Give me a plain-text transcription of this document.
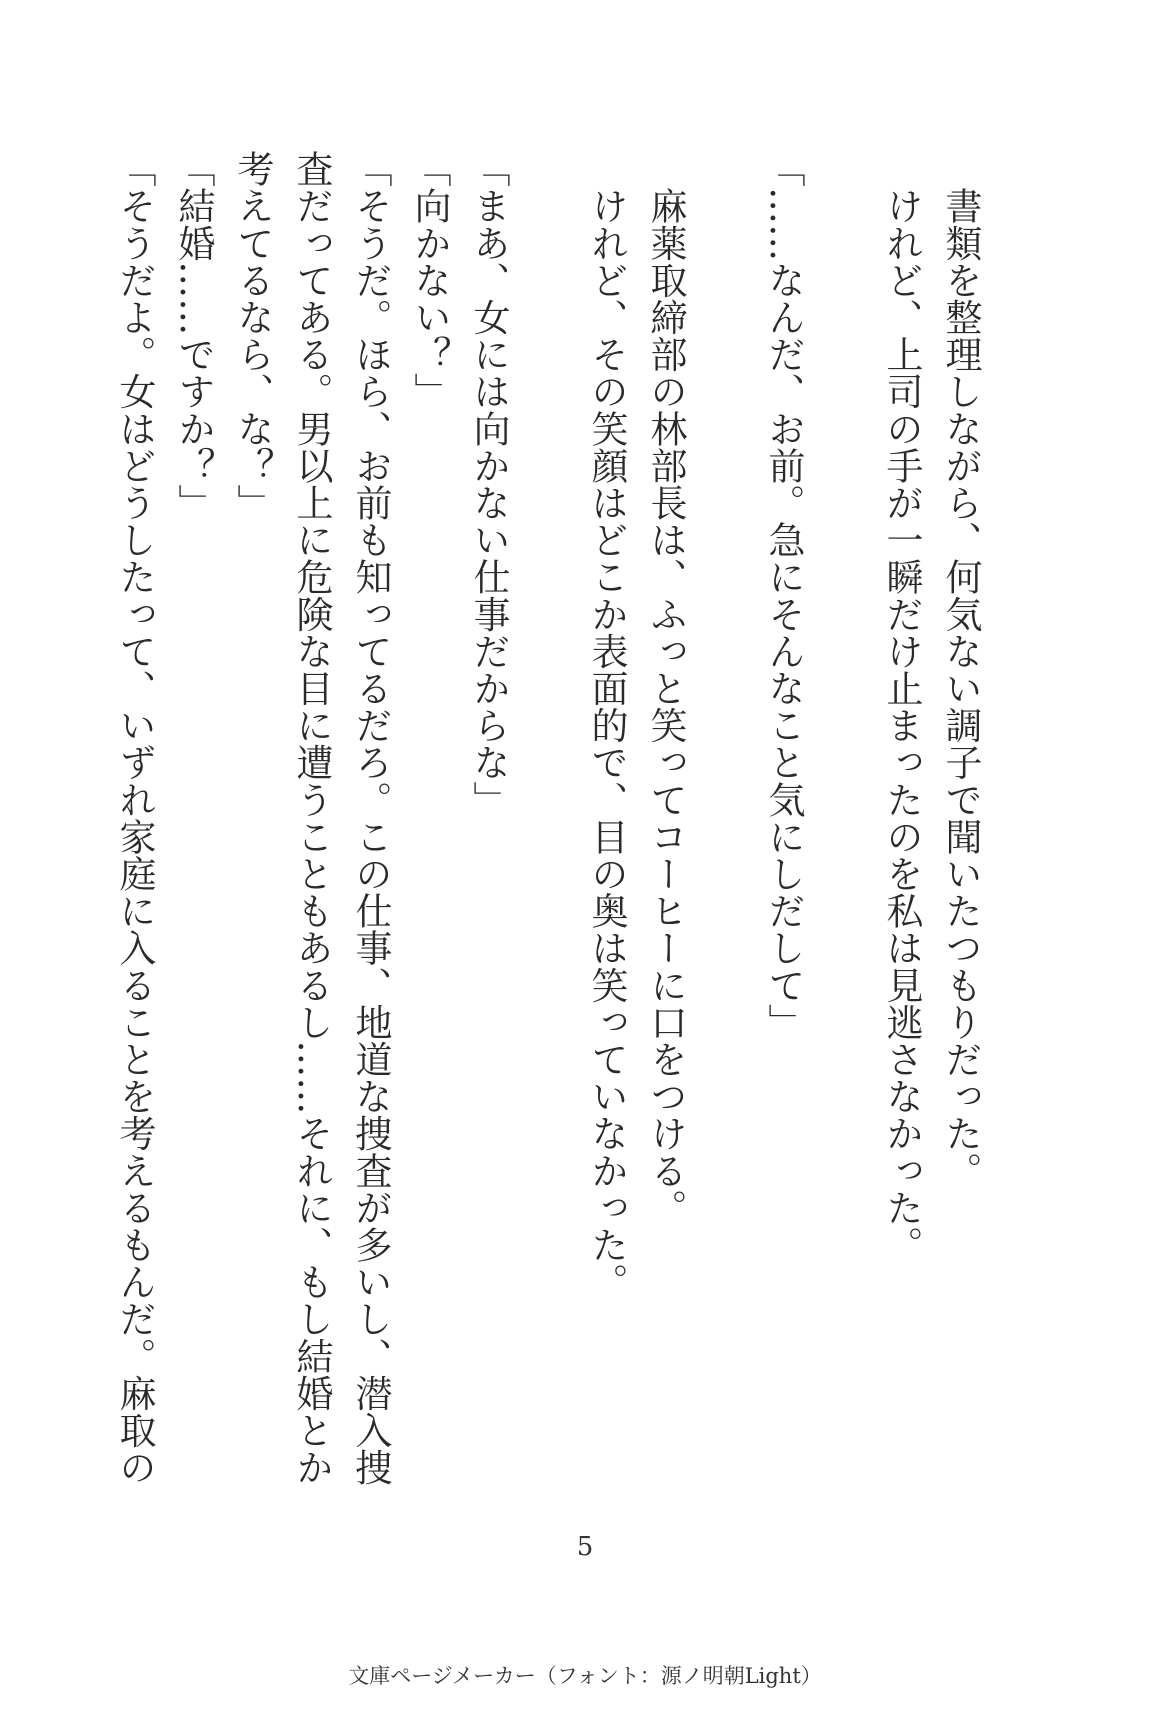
　書類を整理しながら、何気ない調子で聞いたつもりだった。
　けれど、上司の手が一瞬だけ止まったのを私は見逃さなかった。
「……なんだ、お前。急にそんなこと気にしだして」
　麻薬取締部の林部長は、ふっと笑ってコーヒーに口をつける。
　けれど、その笑顔はどこか表面的で、目の奥は笑っていなかった。
「まあ、女には向かない仕事だからな」
「向かない？」
「そうだ。ほら、お前も知ってるだろ。この仕事、地道な捜査が多いし、潜入捜
査だってある。男以上に危険な目に遭うこともあるし……それに、もし結婚とか
考えてるなら、な？」
「結婚……ですか？」
「そうだよ。女はどうしたって、いずれ家庭に入ることを考えるもんだ。麻取の
5
文庫ページメーカー（フォント：源ノ明朝Light）
